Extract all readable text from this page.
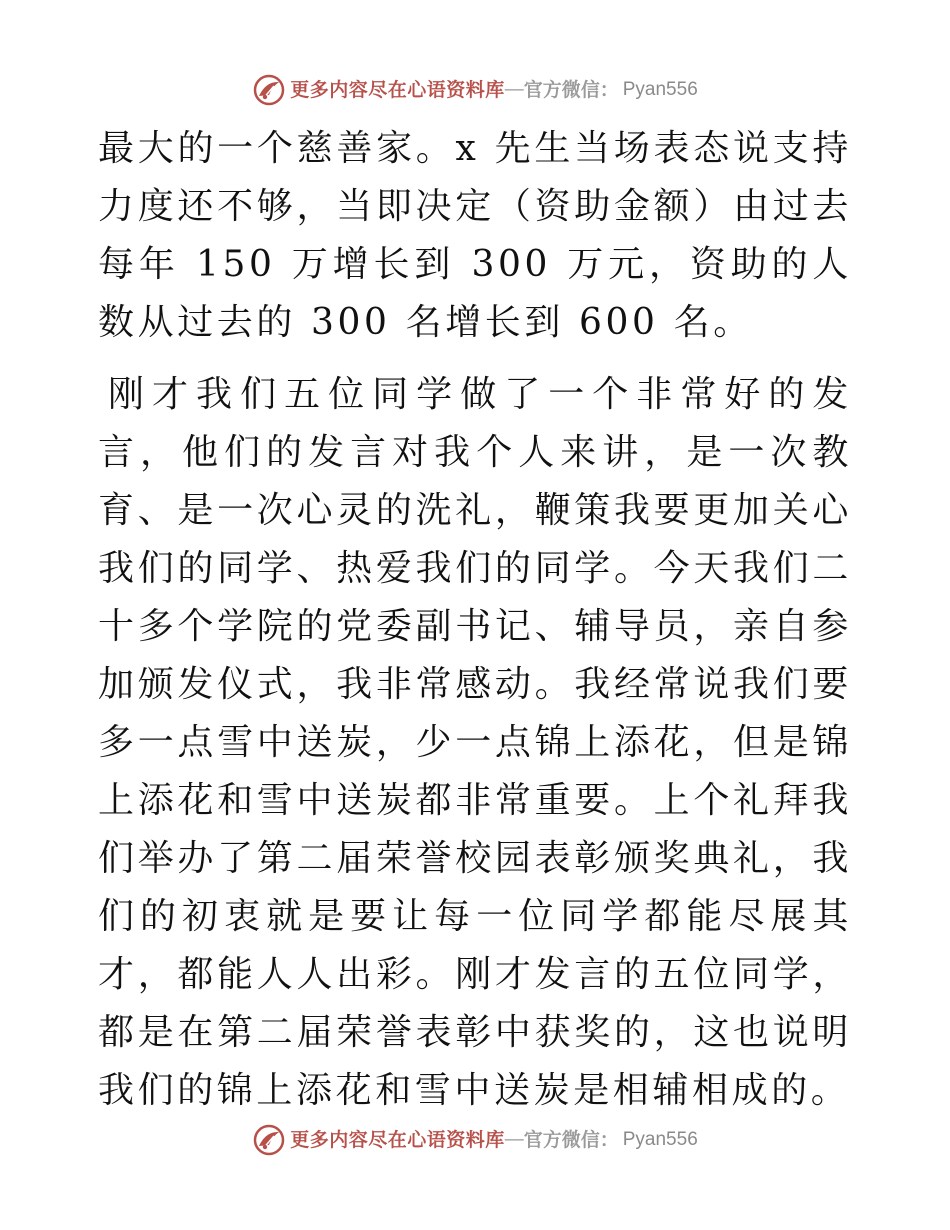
更多内容尽在心语资料库 — 官方微信： Pyan556

最大的一个慈善家。x 先生当场表态说支持力度还不够，当即决定（资助金额）由过去每年 150 万增长到 300 万元，资助的人数从过去的 300 名增长到 600 名。

刚才我们五位同学做了一个非常好的发言，他们的发言对我个人来讲，是一次教育、是一次心灵的洗礼，鞭策我要更加关心我们的同学、热爱我们的同学。今天我们二十多个学院的党委副书记、辅导员，亲自参加颁发仪式，我非常感动。我经常说我们要多一点雪中送炭，少一点锦上添花，但是锦上添花和雪中送炭都非常重要。上个礼拜我们举办了第二届荣誉校园表彰颁奖典礼，我们的初衷就是要让每一位同学都能尽展其才，都能人人出彩。刚才发言的五位同学，都是在第二届荣誉表彰中获奖的，这也说明我们的锦上添花和雪中送炭是相辅相成的。

更多内容尽在心语资料库 — 官方微信： Pyan556
